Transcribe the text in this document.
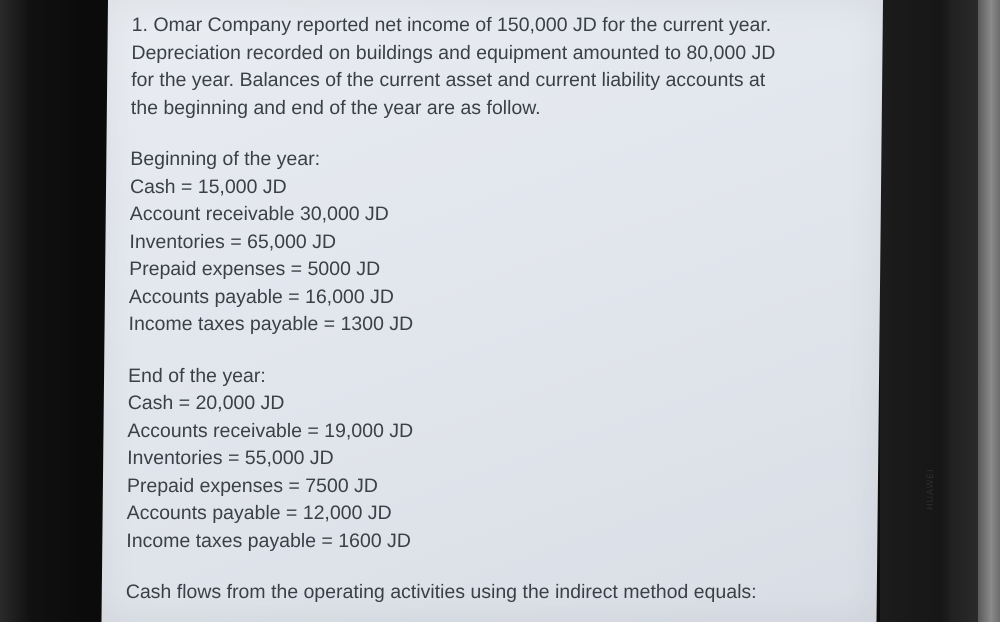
HUAWEI
1. Omar Company reported net income of 150,000 JD for the current year.
Depreciation recorded on buildings and equipment amounted to 80,000 JD
for the year. Balances of the current asset and current liability accounts at
the beginning and end of the year are as follow.
Beginning of the year:
Cash = 15,000 JD
Account receivable 30,000 JD
Inventories = 65,000 JD
Prepaid expenses = 5000 JD
Accounts payable = 16,000 JD
Income taxes payable = 1300 JD
End of the year:
Cash = 20,000 JD
Accounts receivable = 19,000 JD
Inventories = 55,000 JD
Prepaid expenses = 7500 JD
Accounts payable = 12,000 JD
Income taxes payable = 1600 JD
Cash flows from the operating activities using the indirect method equals:
